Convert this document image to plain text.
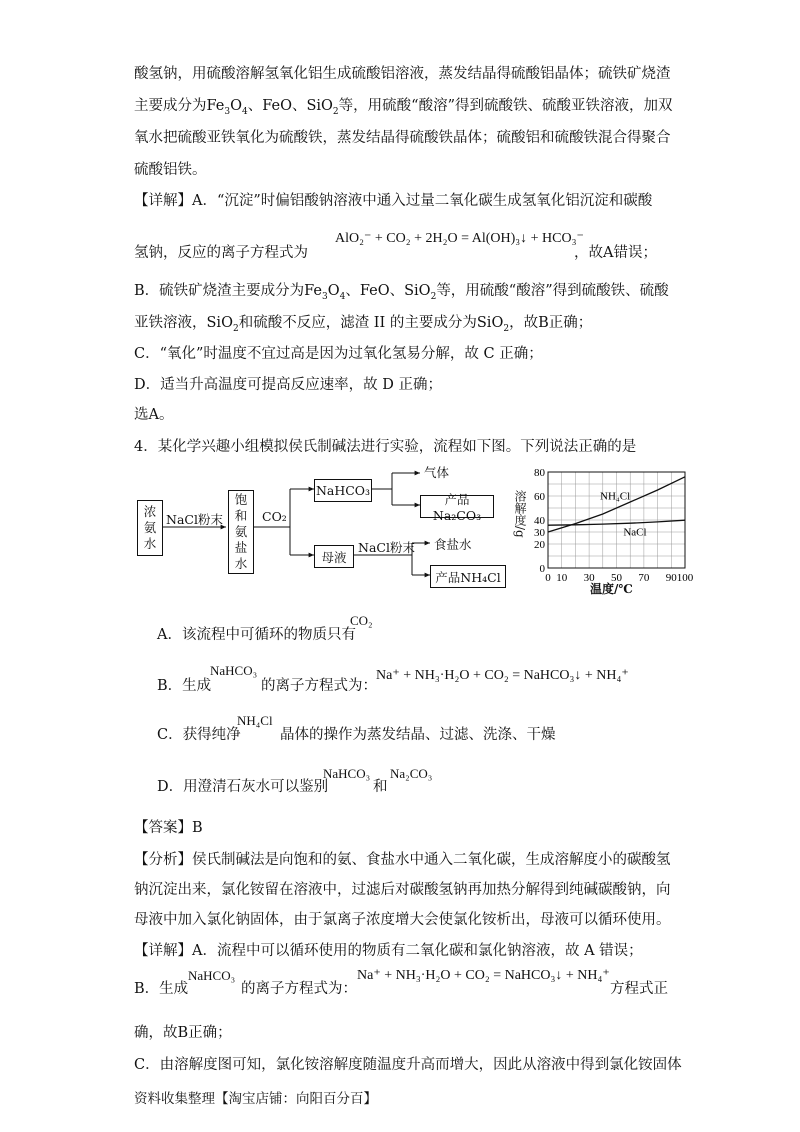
酸氢钠，用硫酸溶解氢氧化铝生成硫酸铝溶液，蒸发结晶得硫酸铝晶体；硫铁矿烧渣
主要成分为$Fe_3O_4$、FeO、SiO$_2$等，用硫酸“酸溶”得到硫酸铁、硫酸亚铁溶液，加双
氧水把硫酸亚铁氧化为硫酸铁，蒸发结晶得硫酸铁晶体；硫酸铝和硫酸铁混合得聚合
硫酸铝铁。
【详解】A．“沉淀”时偏铝酸钠溶液中通入过量二氧化碳生成氢氧化铝沉淀和碳酸
氢钠，反应的离子方程式为
AlO₂⁻ + CO₂ + 2H₂O = Al(OH)₃↓ + HCO₃⁻
，故A错误；
B．硫铁矿烧渣主要成分为$Fe_3O_4$、FeO、SiO$_2$等，用硫酸“酸溶”得到硫酸铁、硫酸
亚铁溶液，SiO$_2$和硫酸不反应，滤渣 II 的主要成分为SiO$_2$，故B正确；
C．“氧化”时温度不宜过高是因为过氧化氢易分解，故 C 正确；
D．适当升高温度可提高反应速率，故 D 正确；
选A。
4．某化学兴趣小组模拟侯氏制碱法进行实验，流程如下图。下列说法正确的是
浓
氨
水
NaCl粉末
饱
和
氨
盐
水
CO₂
NaHCO₃
气体
产品Na₂CO₃
母液
NaCl粉末 食盐水
产品NH₄Cl
0
20
30
40
60
80
0 10 30 50 70 90 100
NH₄Cl
NaCl
温度/℃
溶解度/g
A．该流程中可循环的物质只有
CO₂
B．生成
NaHCO₃
的离子方程式为：
Na⁺ + NH₃·H₂O + CO₂ = NaHCO₃↓ + NH₄⁺
C．获得纯净
NH₄Cl
晶体的操作为蒸发结晶、过滤、洗涤、干燥
D．用澄清石灰水可以鉴别
NaHCO₃
和
Na₂CO₃
【答案】B
【分析】侯氏制碱法是向饱和的氨、食盐水中通入二氧化碳，生成溶解度小的碳酸氢
钠沉淀出来，氯化铵留在溶液中，过滤后对碳酸氢钠再加热分解得到纯碱碳酸钠，向
母液中加入氯化钠固体，由于氯离子浓度增大会使氯化铵析出，母液可以循环使用。
【详解】A．流程中可以循环使用的物质有二氧化碳和氯化钠溶液，故 A 错误；
B．生成
NaHCO₃
的离子方程式为：
Na⁺ + NH₃·H₂O + CO₂ = NaHCO₃↓ + NH₄⁺
方程式正
确，故B正确；
C．由溶解度图可知，氯化铵溶解度随温度升高而增大，因此从溶液中得到氯化铵固体
资料收集整理【淘宝店铺：向阳百分百】
